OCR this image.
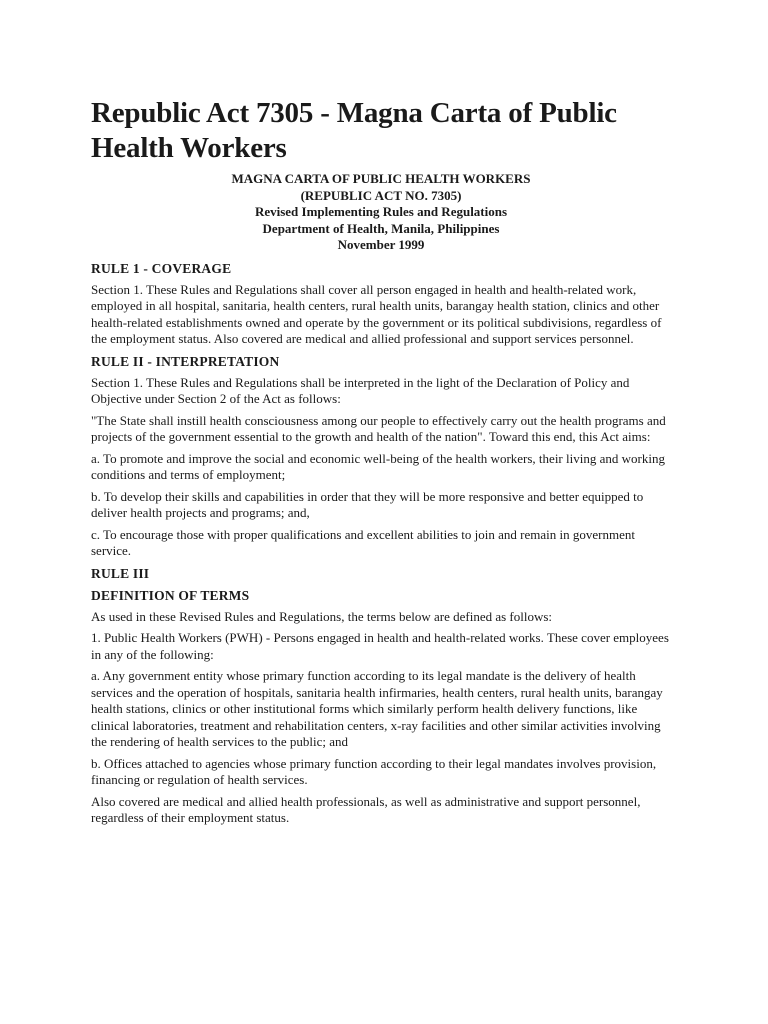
Republic Act 7305 - Magna Carta of Public Health Workers
MAGNA CARTA OF PUBLIC HEALTH WORKERS
(REPUBLIC ACT NO. 7305)
Revised Implementing Rules and Regulations
Department of Health, Manila, Philippines
November 1999
RULE 1 - COVERAGE

Section 1. These Rules and Regulations shall cover all person engaged in health and health-related work, employed in all hospital, sanitaria, health centers, rural health units, barangay health station, clinics and other health-related establishments owned and operate by the government or its political subdivisions, regardless of the employment status. Also covered are medical and allied professional and support services personnel.

RULE II - INTERPRETATION

Section 1. These Rules and Regulations shall be interpreted in the light of the Declaration of Policy and Objective under Section 2 of the Act as follows:

"The State shall instill health consciousness among our people to effectively carry out the health programs and projects of the government essential to the growth and health of the nation". Toward this end, this Act aims:

a. To promote and improve the social and economic well-being of the health workers, their living and working conditions and terms of employment;

b. To develop their skills and capabilities in order that they will be more responsive and better equipped to deliver health projects and programs; and,

c. To encourage those with proper qualifications and excellent abilities to join and remain in government service.

RULE III
DEFINITION OF TERMS

As used in these Revised Rules and Regulations, the terms below are defined as follows:

1. Public Health Workers (PWH) - Persons engaged in health and health-related works. These cover employees in any of the following:

a. Any government entity whose primary function according to its legal mandate is the delivery of health services and the operation of hospitals, sanitaria health infirmaries, health centers, rural health units, barangay health stations, clinics or other institutional forms which similarly perform health delivery functions, like clinical laboratories, treatment and rehabilitation centers, x-ray facilities and other similar activities involving the rendering of health services to the public; and

b. Offices attached to agencies whose primary function according to their legal mandates involves provision, financing or regulation of health services.

Also covered are medical and allied health professionals, as well as administrative and support personnel, regardless of their employment status.
